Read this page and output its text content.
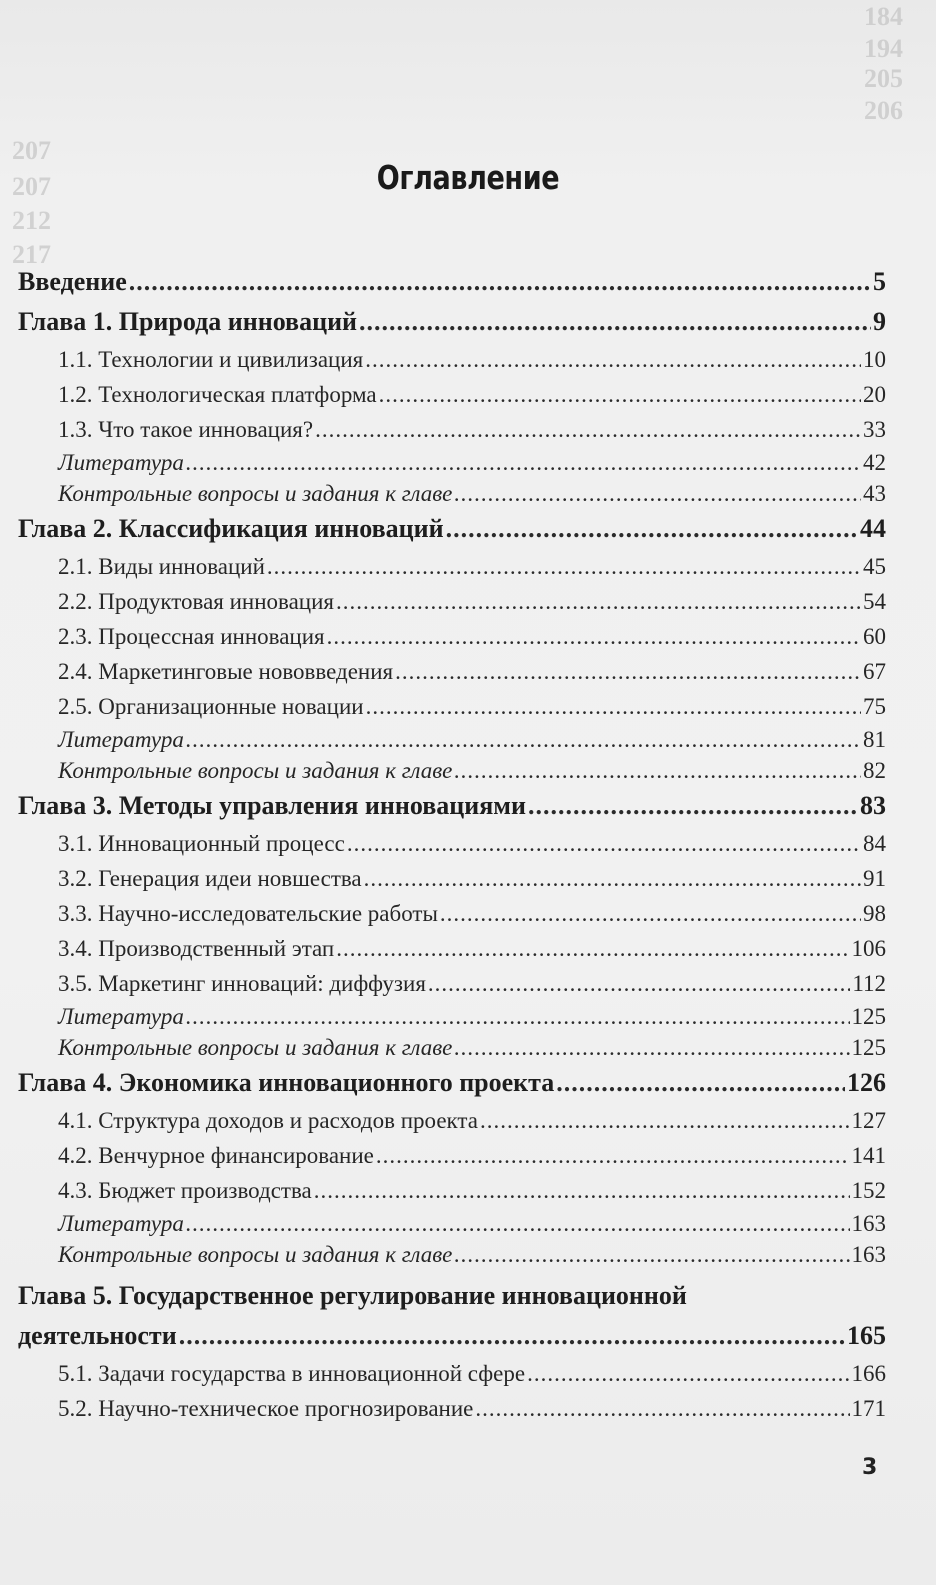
184
194
205
206
207
207
212
217
Оглавление
Введение .....	5
Глава 1. Природа инноваций .....	9
1.1. Технологии и цивилизация .....	10
1.2. Технологическая платформа .....	20
1.3. Что такое инновация? .....	33
Литература .....	42
Контрольные вопросы и задания к главе .....	43
Глава 2. Классификация инноваций .....	44
2.1. Виды инноваций .....	45
2.2. Продуктовая инновация .....	54
2.3. Процессная инновация .....	60
2.4. Маркетинговые нововведения .....	67
2.5. Организационные новации .....	75
Литература .....	81
Контрольные вопросы и задания к главе .....	82
Глава 3. Методы управления инновациями .....	83
3.1. Инновационный процесс .....	84
3.2. Генерация идеи новшества .....	91
3.3. Научно-исследовательские работы .....	98
3.4. Производственный этап .....	106
3.5. Маркетинг инноваций: диффузия .....	112
Литература .....	125
Контрольные вопросы и задания к главе .....	125
Глава 4. Экономика инновационного проекта .....	126
4.1. Структура доходов и расходов проекта .....	127
4.2. Венчурное финансирование .....	141
4.3. Бюджет производства .....	152
Литература .....	163
Контрольные вопросы и задания к главе .....	163
Глава 5. Государственное регулирование инновационной
деятельности .....	165
5.1. Задачи государства в инновационной сфере .....	166
5.2. Научно-техническое прогнозирование .....	171
3
